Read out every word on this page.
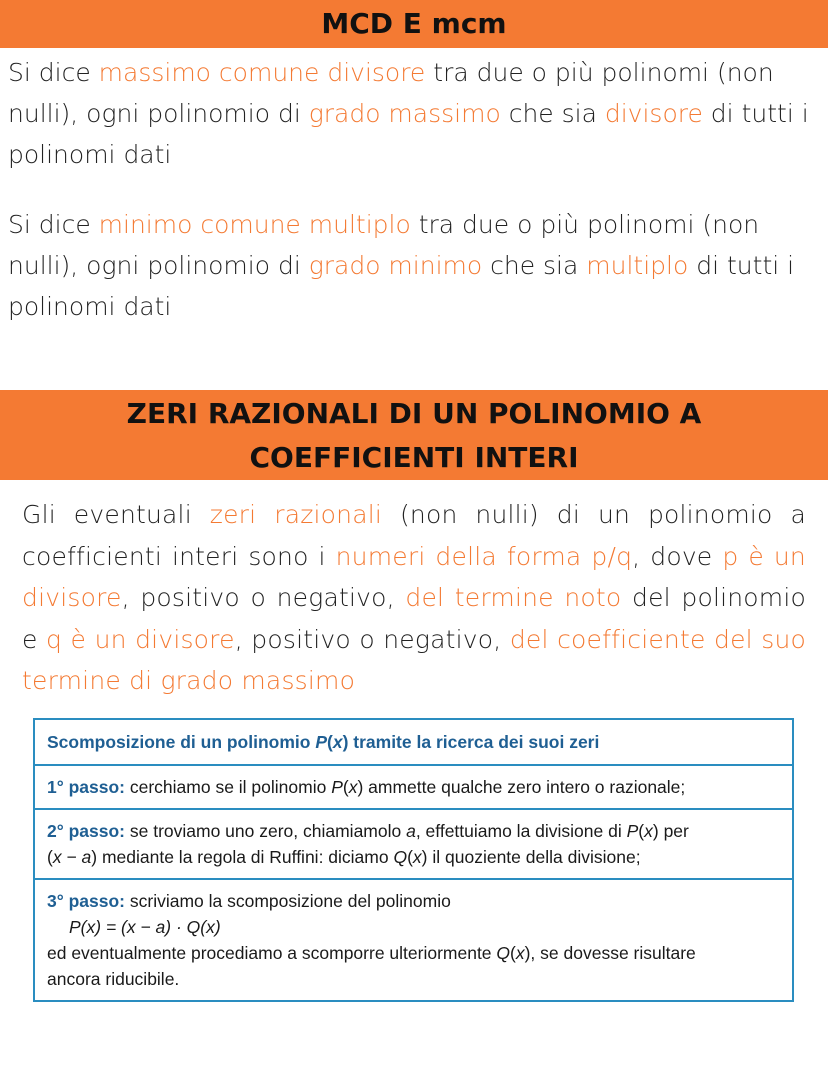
MCD E mcm
Si dice massimo comune divisore tra due o più polinomi (non nulli), ogni polinomio di grado massimo che sia divisore di tutti i polinomi dati
Si dice minimo comune multiplo tra due o più polinomi (non nulli), ogni polinomio di grado minimo che sia multiplo di tutti i polinomi dati
ZERI RAZIONALI DI UN POLINOMIO A
COEFFICIENTI INTERI
Gli eventuali zeri razionali (non nulli) di un polinomio a coefficienti interi sono i numeri della forma p/q, dove p è un divisore, positivo o negativo, del termine noto del polinomio e q è un divisore, positivo o negativo, del coefficiente del suo termine di grado massimo
Scomposizione di un polinomio P(x) tramite la ricerca dei suoi zeri
1° passo: cerchiamo se il polinomio P(x) ammette qualche zero intero o razionale;
2° passo: se troviamo uno zero, chiamiamolo a, effettuiamo la divisione di P(x) per
(x − a) mediante la regola di Ruffini: diciamo Q(x) il quoziente della divisione;
3° passo: scriviamo la scomposizione del polinomio
P(x) = (x − a) · Q(x)
ed eventualmente procediamo a scomporre ulteriormente Q(x), se dovesse risultare
ancora riducibile.
